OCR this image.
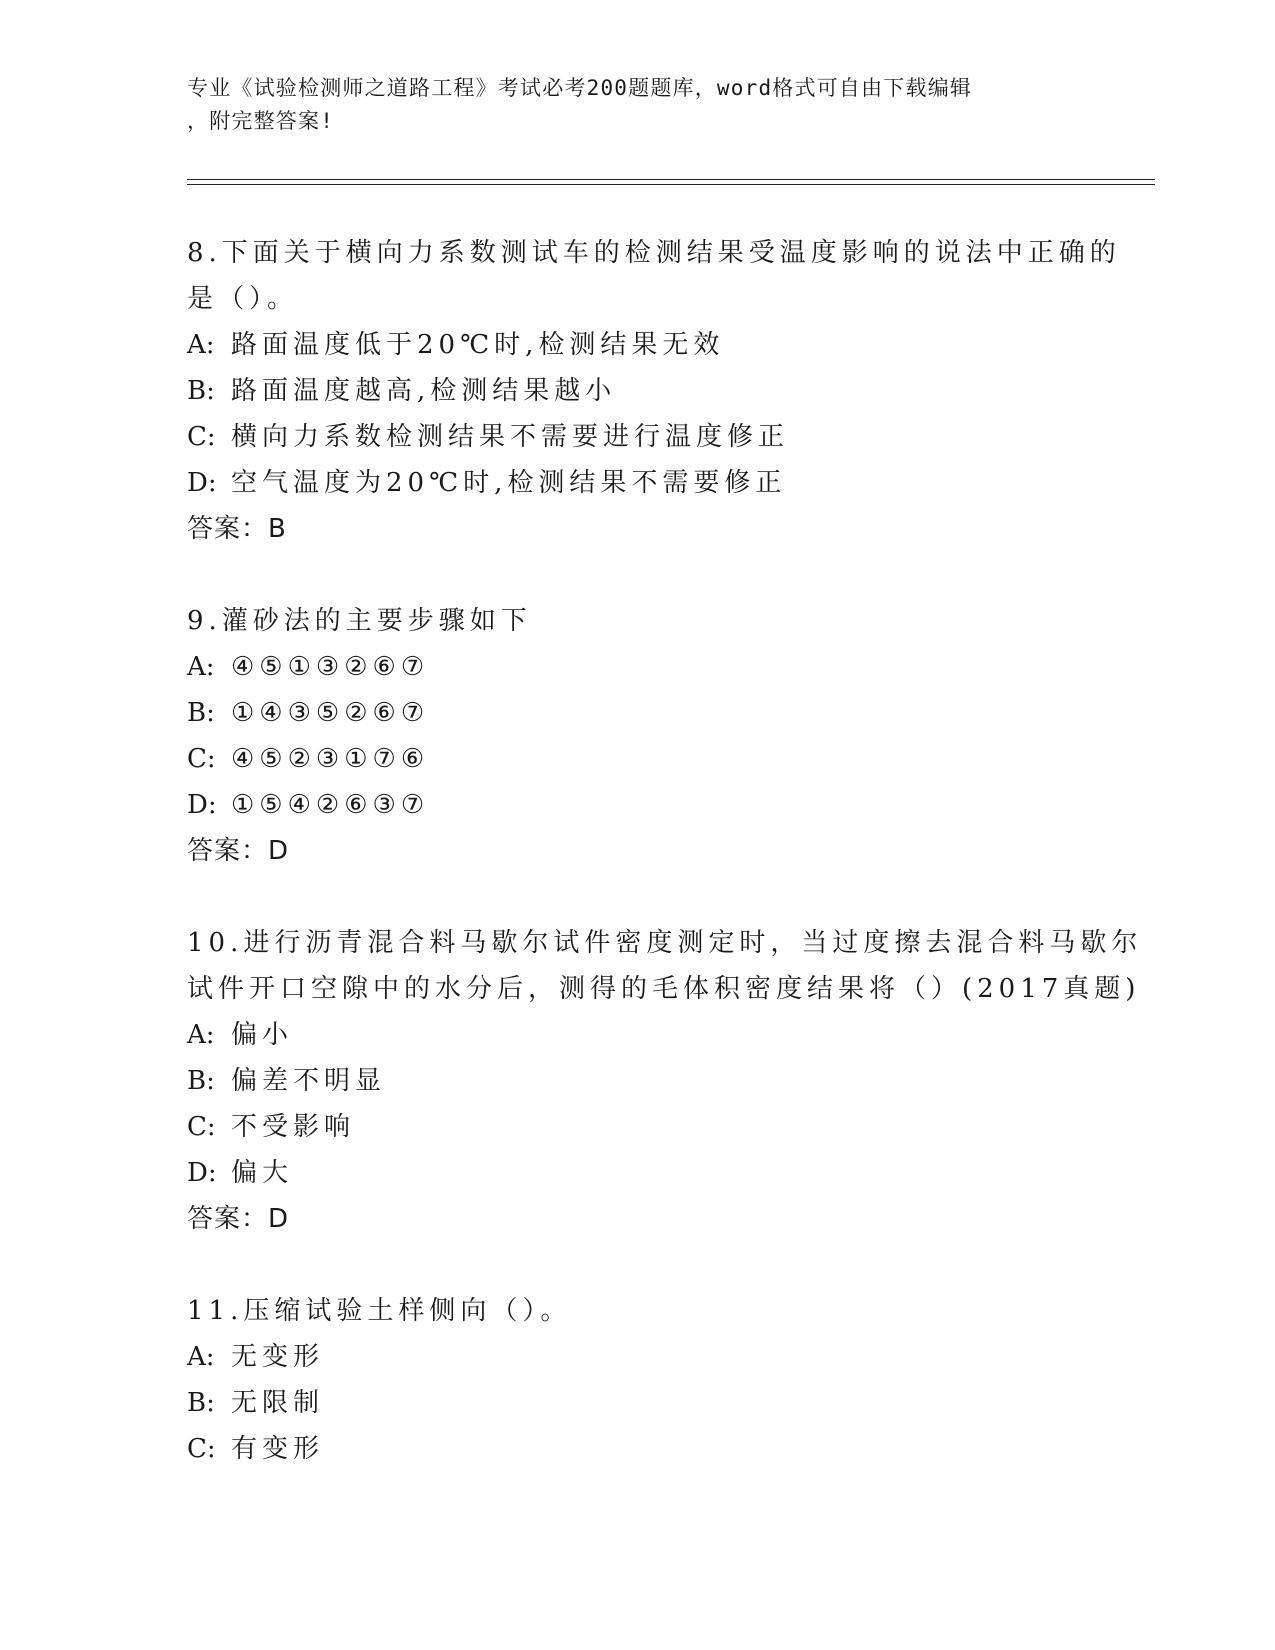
专业《试验检测师之道路工程》考试必考200题题库，word格式可自由下载编辑
，附完整答案!
8.下面关于横向力系数测试车的检测结果受温度影响的说法中正确的
是（）。
A: 路面温度低于20℃时,检测结果无效
B: 路面温度越高,检测结果越小
C: 横向力系数检测结果不需要进行温度修正
D: 空气温度为20℃时,检测结果不需要修正
答案：B
9.灌砂法的主要步骤如下
A: ④⑤①③②⑥⑦
B: ①④③⑤②⑥⑦
C: ④⑤②③①⑦⑥
D: ①⑤④②⑥③⑦
答案：D
10.进行沥青混合料马歇尔试件密度测定时，当过度擦去混合料马歇尔
试件开口空隙中的水分后，测得的毛体积密度结果将（）(2017真题)
A: 偏小
B: 偏差不明显
C: 不受影响
D: 偏大
答案：D
11.压缩试验土样侧向（）。
A: 无变形
B: 无限制
C: 有变形
